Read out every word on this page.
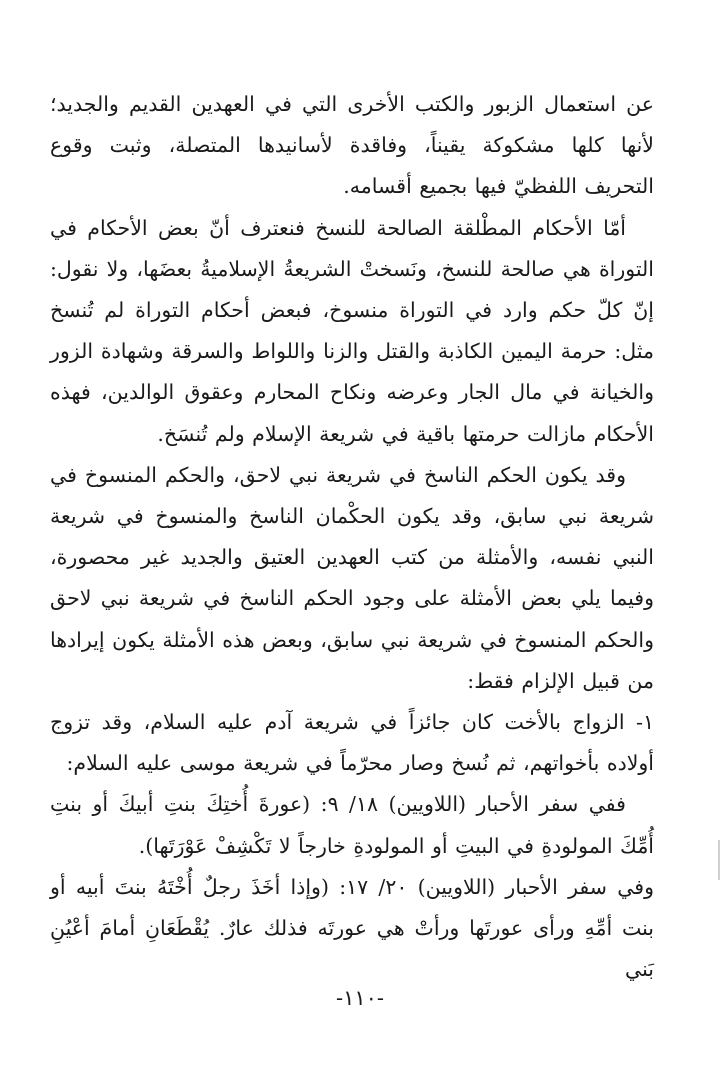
عن استعمال الزبور والكتب الأخرى التي في العهدين القديم والجديد؛ لأنها كلها مشكوكة يقيناً، وفاقدة لأسانيدها المتصلة، وثبت وقوع التحريف اللفظيّ فيها بجميع أقسامه.

أمّا الأحكام المطْلقة الصالحة للنسخ فنعترف أنّ بعض الأحكام في التوراة هي صالحة للنسخ، ونَسختْ الشريعةُ الإسلاميةُ بعضَها، ولا نقول: إنّ كلّ حكم وارد في التوراة منسوخ، فبعض أحكام التوراة لم تُنسخ مثل: حرمة اليمين الكاذبة والقتل والزنا واللواط والسرقة وشهادة الزور والخيانة في مال الجار وعرضه ونكاح المحارم وعقوق الوالدين، فهذه الأحكام مازالت حرمتها باقية في شريعة الإسلام ولم تُنسَخ.

وقد يكون الحكم الناسخ في شريعة نبي لاحق، والحكم المنسوخ في شريعة نبي سابق، وقد يكون الحكْمان الناسخ والمنسوخ في شريعة النبي نفسه، والأمثلة من كتب العهدين العتيق والجديد غير محصورة، وفيما يلي بعض الأمثلة على وجود الحكم الناسخ في شريعة نبي لاحق والحكم المنسوخ في شريعة نبي سابق، وبعض هذه الأمثلة يكون إيرادها من قبيل الإلزام فقط:

١- الزواج بالأخت كان جائزاً في شريعة آدم عليه السلام، وقد تزوج أولاده بأخواتهم، ثم نُسخ وصار محرّماً في شريعة موسى عليه السلام:

ففي سفر الأحبار (اللاويين) ١٨/ ٩: (عورةَ أُختِكَ بنتِ أبيكَ أو بنتِ أُمِّكَ المولودةِ في البيتِ أو المولودةِ خارجاً لا تَكْشِفْ عَوْرَتَها).

وفي سفر الأحبار (اللاويين) ٢٠/ ١٧: (وإذا أخَذَ رجلٌ أُخْتَهُ بنتَ أبيه أو بنت أمِّهِ ورأى عورتَها ورأتْ هي عورتَه فذلك عارٌ. يُقْطَعَانِ أمامَ أعْيُنِ بَني

-١١٠-
